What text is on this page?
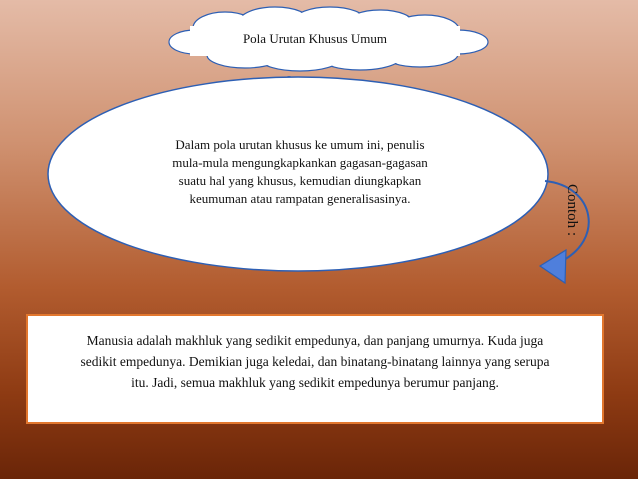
Pola Urutan Khusus Umum
Dalam pola urutan khusus ke umum ini, penulis
mula-mula mengungkapkankan gagasan-gagasan
suatu hal yang khusus, kemudian diungkapkan
keumuman atau rampatan generalisasinya.	Contoh :
Manusia adalah makhluk yang sedikit empedunya, dan panjang umurnya. Kuda juga
sedikit empedunya. Demikian juga keledai, dan binatang-binatang lainnya yang serupa
itu. Jadi, semua makhluk yang sedikit empedunya berumur panjang.
